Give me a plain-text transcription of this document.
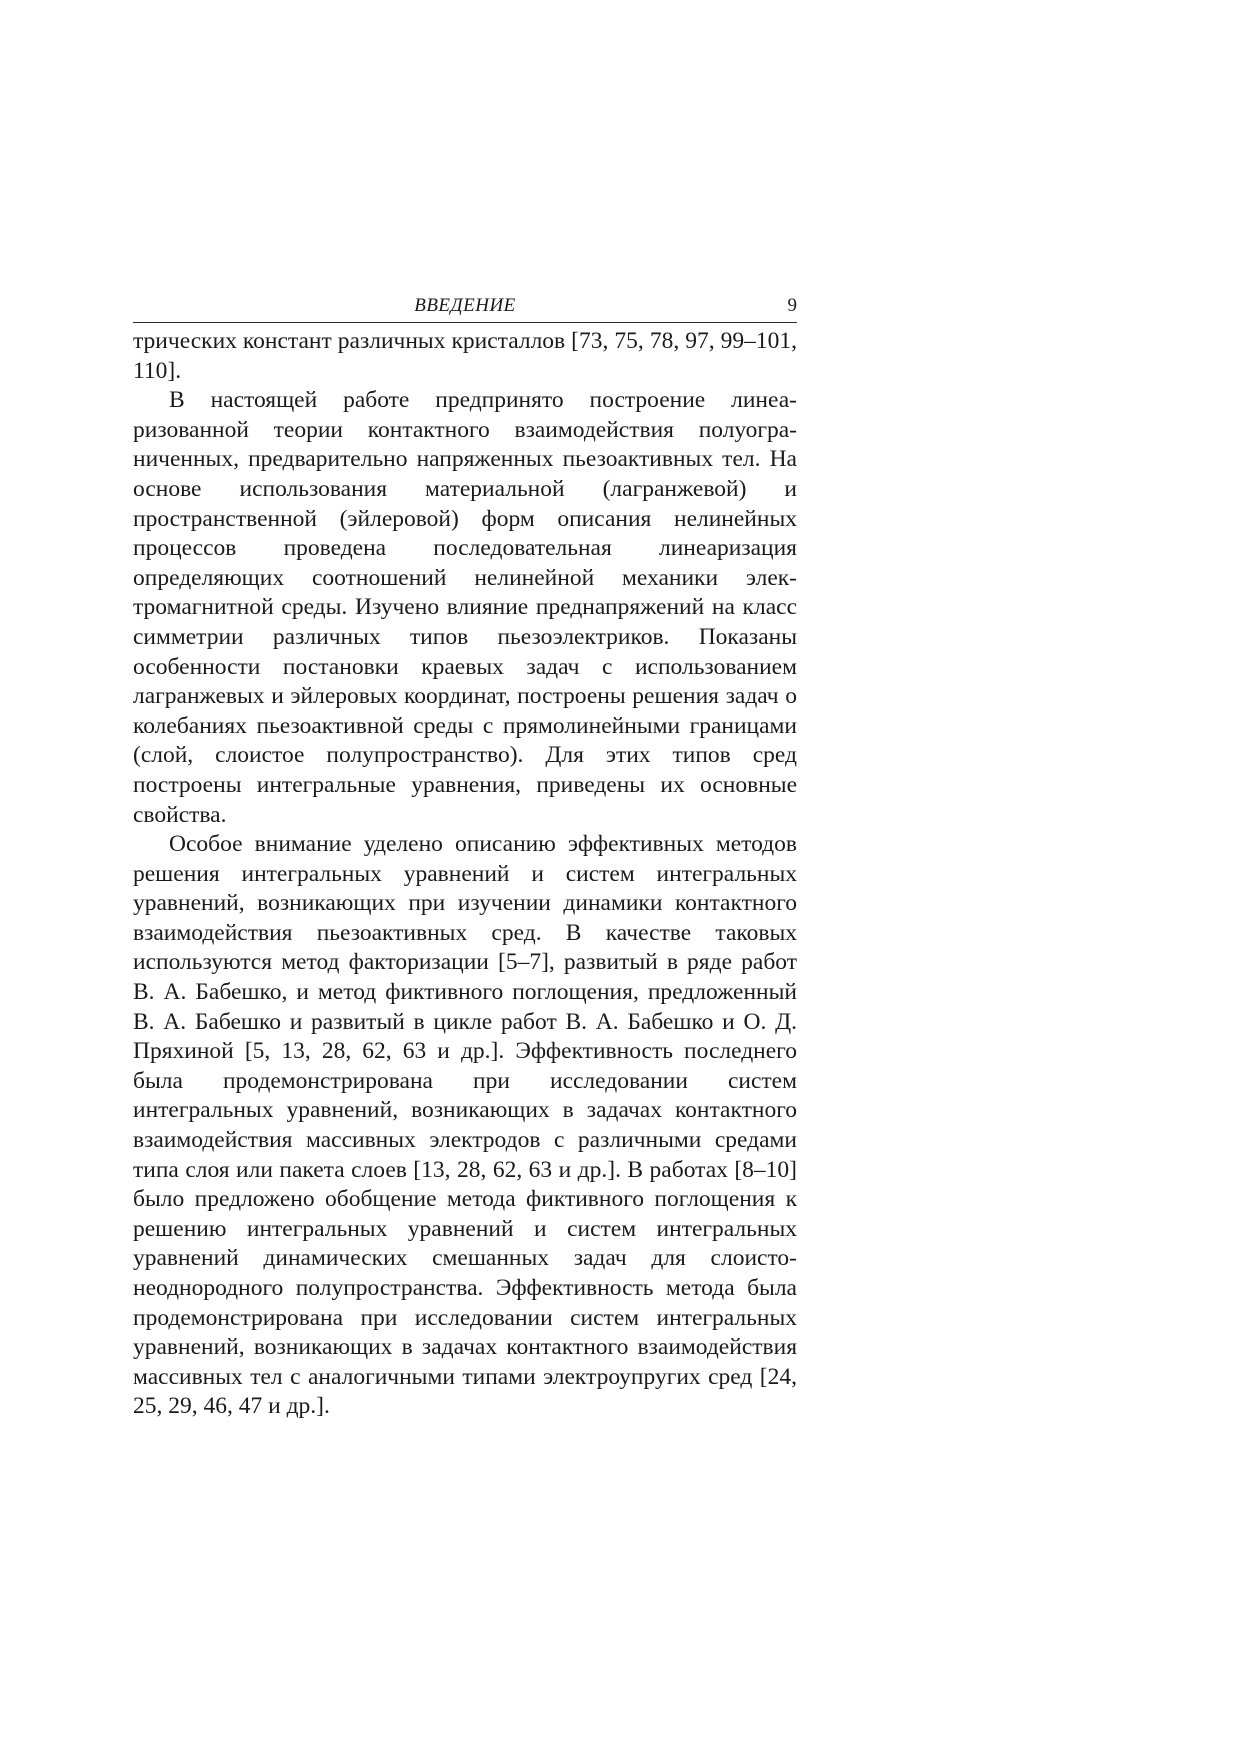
ВВЕДЕНИЕ	9

трических констант различных кристаллов [73, 75, 78, 97, 99–101, 110].

В настоящей работе предпринято построение линеаризованной теории контактного взаимодействия полуограниченных, предварительно напряженных пьезоактивных тел. На основе использования материальной (лагранжевой) и пространственной (эйлеровой) форм описания нелинейных процессов проведена последовательная линеаризация определяющих соотношений нелинейной механики электромагнитной среды. Изучено влияние преднапряжений на класс симметрии различных типов пьезоэлектриков. Показаны особенности постановки краевых задач с использованием лагранжевых и эйлеровых координат, построены решения задач о колебаниях пьезоактивной среды с прямолинейными границами (слой, слоистое полупространство). Для этих типов сред построены интегральные уравнения, приведены их основные свойства.

Особое внимание уделено описанию эффективных методов решения интегральных уравнений и систем интегральных уравнений, возникающих при изучении динамики контактного взаимодействия пьезоактивных сред. В качестве таковых используются метод факторизации [5–7], развитый в ряде работ В. А. Бабешко, и метод фиктивного поглощения, предложенный В. А. Бабешко и развитый в цикле работ В. А. Бабешко и О. Д. Пряхиной [5, 13, 28, 62, 63 и др.]. Эффективность последнего была продемонстрирована при исследовании систем интегральных уравнений, возникающих в задачах контактного взаимодействия массивных электродов с различными средами типа слоя или пакета слоев [13, 28, 62, 63 и др.]. В работах [8–10] было предложено обобщение метода фиктивного поглощения к решению интегральных уравнений и систем интегральных уравнений динамических смешанных задач для слоисто-неоднородного полупространства. Эффективность метода была продемонстрирована при исследовании систем интегральных уравнений, возникающих в задачах контактного взаимодействия массивных тел с аналогичными типами электроупругих сред [24, 25, 29, 46, 47 и др.].
